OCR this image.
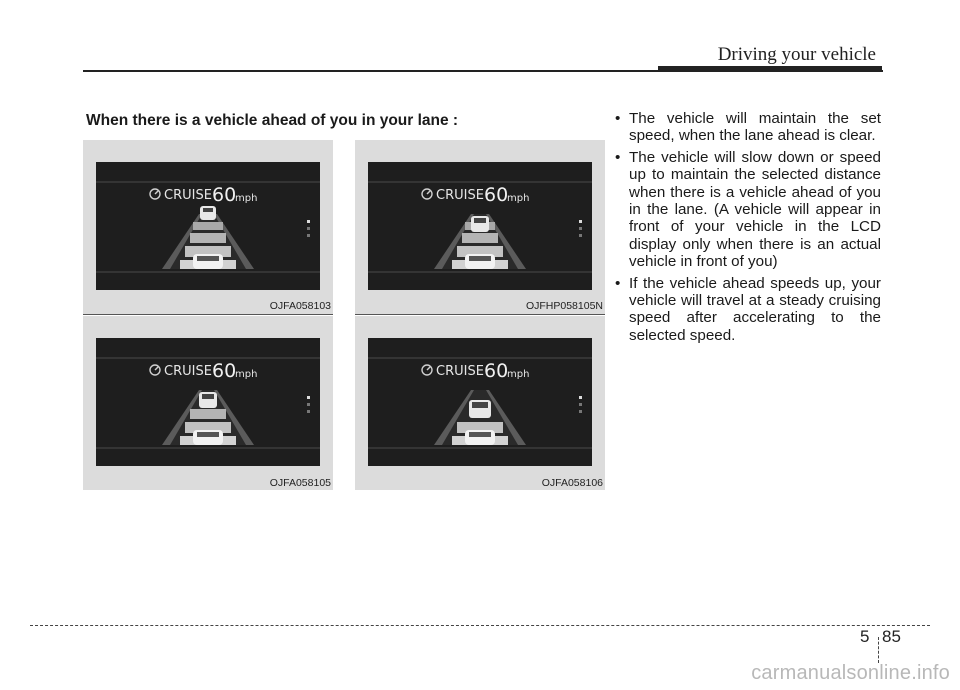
Driving your vehicle
When there is a vehicle ahead of you in your lane :
CRUISE 60
mph
OJFA058103
CRUISE 60
mph
OJFHP058105N
CRUISE 60
mph
OJFA058105
CRUISE 60
mph
OJFA058106
• The vehicle will maintain the set speed, when the lane ahead is clear.
• The vehicle will slow down or speed up to maintain the selected distance when there is a vehicle ahead of you in the lane. (A vehicle will appear in front of your vehicle in the LCD display only when there is an actual vehicle in front of you)
• If the vehicle ahead speeds up, your vehicle will travel at a steady cruising speed after accelerating to the selected speed.
5 85
carmanualsonline.info
